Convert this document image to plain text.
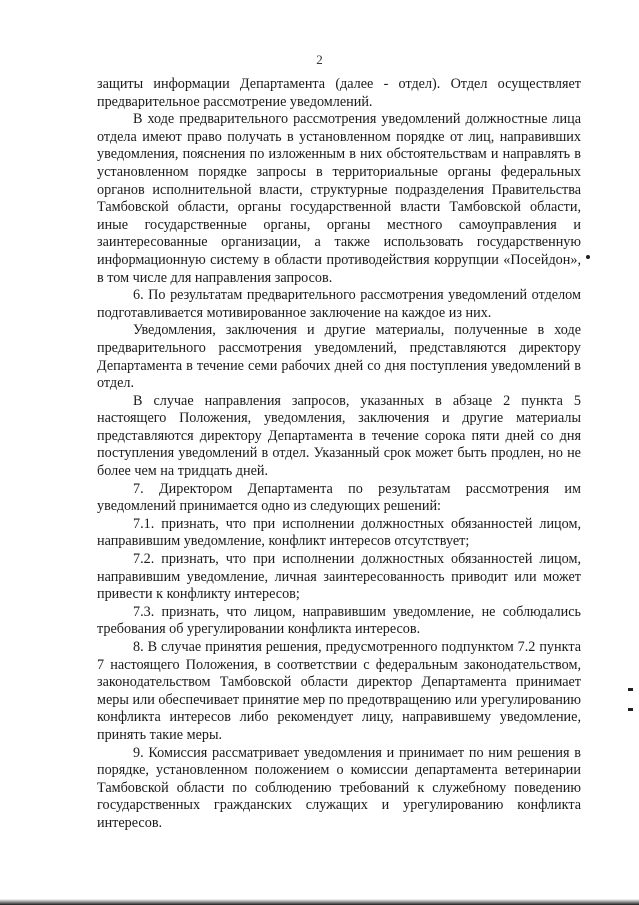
2

защиты информации Департамента (далее - отдел). Отдел осуществляет предварительное рассмотрение уведомлений.

В ходе предварительного рассмотрения уведомлений должностные лица отдела имеют право получать в установленном порядке от лиц, направивших уведомления, пояснения по изложенным в них обстоятельствам и направлять в установленном порядке запросы в территориальные органы федеральных органов исполнительной власти, структурные подразделения Правительства Тамбовской области, органы государственной власти Тамбовской области, иные государственные органы, органы местного самоуправления и заинтересованные организации, а также использовать государственную информационную систему в области противодействия коррупции «Посейдон», в том числе для направления запросов.

6. По результатам предварительного рассмотрения уведомлений отделом подготавливается мотивированное заключение на каждое из них.

Уведомления, заключения и другие материалы, полученные в ходе предварительного рассмотрения уведомлений, представляются директору Департамента в течение семи рабочих дней со дня поступления уведомлений в отдел.

В случае направления запросов, указанных в абзаце 2 пункта 5 настоящего Положения, уведомления, заключения и другие материалы представляются директору Департамента в течение сорока пяти дней со дня поступления уведомлений в отдел. Указанный срок может быть продлен, но не более чем на тридцать дней.

7. Директором Департамента по результатам рассмотрения им уведомлений принимается одно из следующих решений:

7.1. признать, что при исполнении должностных обязанностей лицом, направившим уведомление, конфликт интересов отсутствует;

7.2. признать, что при исполнении должностных обязанностей лицом, направившим уведомление, личная заинтересованность приводит или может привести к конфликту интересов;

7.3. признать, что лицом, направившим уведомление, не соблюдались требования об урегулировании конфликта интересов.

8. В случае принятия решения, предусмотренного подпунктом 7.2 пункта 7 настоящего Положения, в соответствии с федеральным законодательством, законодательством Тамбовской области директор Департамента принимает меры или обеспечивает принятие мер по предотвращению или урегулированию конфликта интересов либо рекомендует лицу, направившему уведомление, принять такие меры.

9. Комиссия рассматривает уведомления и принимает по ним решения в порядке, установленном положением о комиссии департамента ветеринарии Тамбовской области по соблюдению требований к служебному поведению государственных гражданских служащих и урегулированию конфликта интересов.
